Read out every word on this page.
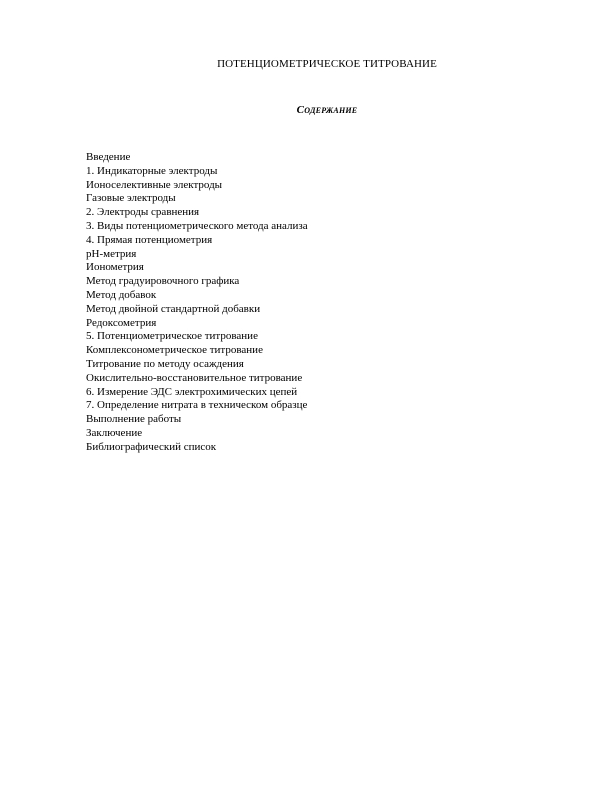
ПОТЕНЦИОМЕТРИЧЕСКОЕ ТИТРОВАНИЕ
Содержание
Введение
1. Индикаторные электроды
Ионоселективные электроды
Газовые электроды
2. Электроды сравнения
3. Виды потенциометрического метода анализа
4. Прямая потенциометрия
pH-метрия
Ионометрия
Метод градуировочного графика
Метод добавок
Метод двойной стандартной добавки
Редоксометрия
5. Потенциометрическое титрование
Комплексонометрическое титрование
Титрование по методу осаждения
Окислительно-восстановительное титрование
6. Измерение ЭДС электрохимических цепей
7. Определение нитрата в техническом образце
Выполнение работы
Заключение
Библиографический список
